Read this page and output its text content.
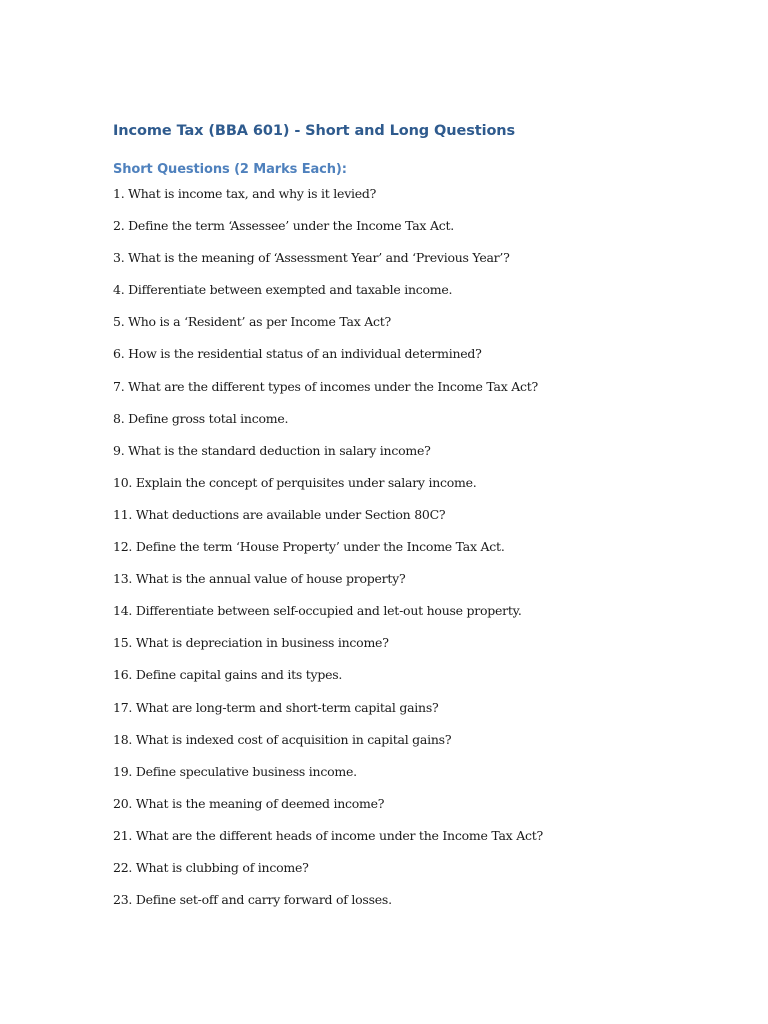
Income Tax (BBA 601) - Short and Long Questions
Short Questions (2 Marks Each):
1. What is income tax, and why is it levied?
2. Define the term ‘Assessee’ under the Income Tax Act.
3. What is the meaning of ‘Assessment Year’ and ‘Previous Year’?
4. Differentiate between exempted and taxable income.
5. Who is a ‘Resident’ as per Income Tax Act?
6. How is the residential status of an individual determined?
7. What are the different types of incomes under the Income Tax Act?
8. Define gross total income.
9. What is the standard deduction in salary income?
10. Explain the concept of perquisites under salary income.
11. What deductions are available under Section 80C?
12. Define the term ‘House Property’ under the Income Tax Act.
13. What is the annual value of house property?
14. Differentiate between self-occupied and let-out house property.
15. What is depreciation in business income?
16. Define capital gains and its types.
17. What are long-term and short-term capital gains?
18. What is indexed cost of acquisition in capital gains?
19. Define speculative business income.
20. What is the meaning of deemed income?
21. What are the different heads of income under the Income Tax Act?
22. What is clubbing of income?
23. Define set-off and carry forward of losses.
